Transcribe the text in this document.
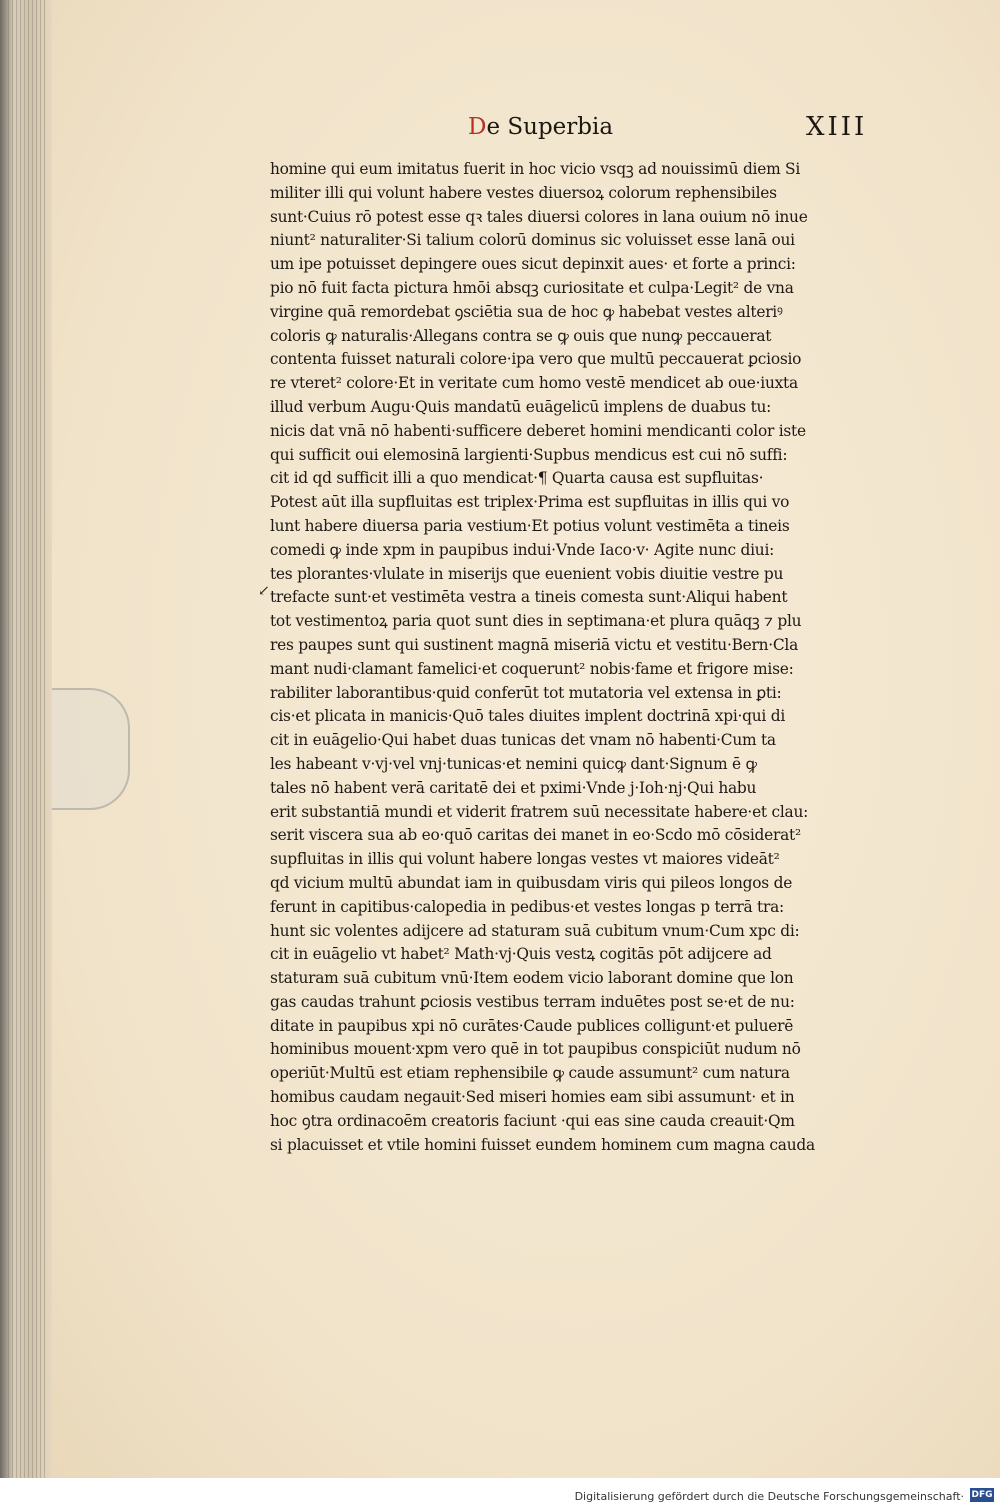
De Superbia	XIII
↙
homine qui eum imitatus fuerit in hoc vicio vsqꝫ ad nouissimū diem Si
militer illi qui volunt habere vestes diuersoꝝ colorum rephensibiles
sunt·Cuius rō potest esse qꝛ tales diuersi colores in lana ouium nō inue
niunt² naturaliter·Si talium colorū dominus sic voluisset esse lanā oui
um ipe potuisset depingere oues sicut depinxit aues· et forte a princi:
pio nō fuit facta pictura hmōi absqꝫ curiositate et culpa·Legit² de vna
virgine quā remordebat ꝯsciētia sua de hoc ꝙ habebat vestes alteriꝰ
coloris ꝙ naturalis·Allegans contra se ꝙ ouis que nunꝙ peccauerat
contenta fuisset naturali colore·ipa vero que multū peccauerat ꝑciosio
re vteret² colore·Et in veritate cum homo vestē mendicet ab oue·iuxta
illud verbum Augu·Quis mandatū euāgelicū implens de duabus tu:
nicis dat vnā nō habenti·sufficere deberet homini mendicanti color iste
qui sufficit oui elemosinā largienti·Supbus mendicus est cui nō suffi:
cit id qd sufficit illi a quo mendicat·¶ Quarta causa est supfluitas·
Potest aūt illa supfluitas est triplex·Prima est supfluitas in illis qui vo
lunt habere diuersa paria vestium·Et potius volunt vestimēta a tineis
comedi ꝙ inde xpm in paupibus indui·Vnde Iaco·v· Agite nunc diui:
tes plorantes·vlulate in miserijs que euenient vobis diuitie vestre pu
trefacte sunt·et vestimēta vestra a tineis comesta sunt·Aliqui habent
tot vestimentoꝝ paria quot sunt dies in septimana·et plura quāqꝫ ⁊ plu
res paupes sunt qui sustinent magnā miseriā victu et vestitu·Bern·Cla
mant nudi·clamant famelici·et coquerunt² nobis·fame et frigore mise:
rabiliter laborantibus·quid conferūt tot mutatoria vel extensa in ꝑti:
cis·et plicata in manicis·Quō tales diuites implent doctrinā xpi·qui di
cit in euāgelio·Qui habet duas tunicas det vnam nō habenti·Cum ta
les habeant v·vj·vel vnj·tunicas·et nemini quicꝙ dant·Signum ē ꝙ
tales nō habent verā caritatē dei et pximi·Vnde j·Ioh·nj·Qui habu
erit substantiā mundi et viderit fratrem suū necessitate habere·et clau:
serit viscera sua ab eo·quō caritas dei manet in eo·Scdo mō cōsiderat²
supfluitas in illis qui volunt habere longas vestes vt maiores videāt²
qd vicium multū abundat iam in quibusdam viris qui pileos longos de
ferunt in capitibus·calopedia in pedibus·et vestes longas p terrā tra:
hunt sic volentes adijcere ad staturam suā cubitum vnum·Cum xpc di:
cit in euāgelio vt habet² Math·vj·Quis vestꝝ cogitās pōt adijcere ad
staturam suā cubitum vnū·Item eodem vicio laborant domine que lon
gas caudas trahunt ꝑciosis vestibus terram induētes post se·et de nu:
ditate in paupibus xpi nō curātes·Caude publices colligunt·et puluerē
hominibus mouent·xpm vero quē in tot paupibus conspiciūt nudum nō
operiūt·Multū est etiam rephensibile ꝙ caude assumunt² cum natura
homibus caudam negauit·Sed miseri homies eam sibi assumunt· et in
hoc ꝯtra ordinacoēm creatoris faciunt ·qui eas sine cauda creauit·Qm
si placuisset et vtile homini fuisset eundem hominem cum magna cauda
Digitalisierung gefördert durch die Deutsche Forschungsgemeinschaft· DFG
